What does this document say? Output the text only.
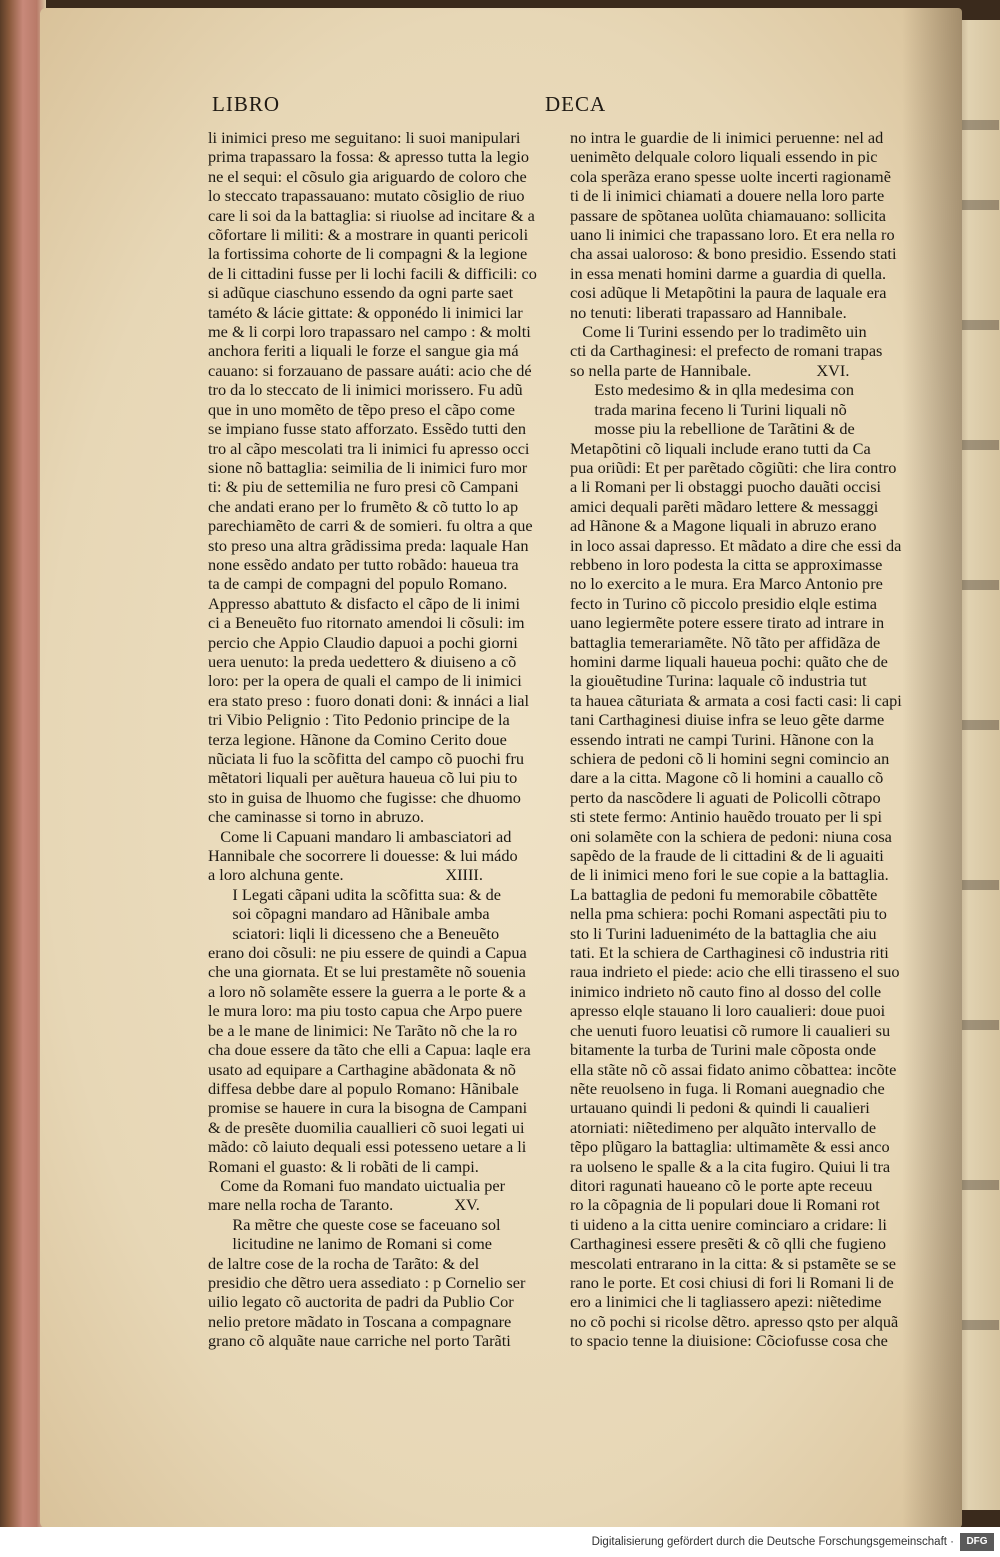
LIBRO	DECA
li inimici preso me seguitano: li suoi manipulari
prima trapassaro la fossa: & apresso tutta la legio
ne el sequi: el cõsulo gia ariguardo de coloro che
lo steccato trapassauano: mutato cõsiglio de riuo
care li soi da la battaglia: si riuolse ad incitare & a
cõfortare li militi: & a mostrare in quanti pericoli
la fortissima cohorte de li compagni & la legione
de li cittadini fusse per li lochi facili & difficili: co
si adũque ciaschuno essendo da ogni parte saet
taméto & lácie gittate: & opponédo li inimici lar
me & li corpi loro trapassaro nel campo : & molti
anchora feriti a liquali le forze el sangue gia má
cauano: si forzauano de passare auáti: acio che dé
tro da lo steccato de li inimici morissero. Fu adũ
que in uno momẽto de tẽpo preso el cãpo come
se impiano fusse stato afforzato. Essẽdo tutti den
tro al cãpo mescolati tra li inimici fu apresso occi
sione nõ battaglia: seimilia de li inimici furo mor
ti: & piu de settemilia ne furo presi cõ Campani
che andati erano per lo frumẽto & cõ tutto lo ap
parechiamẽto de carri & de somieri. fu oltra a que
sto preso una altra grãdissima preda: laquale Han
none essẽdo andato per tutto robãdo: haueua tra
ta de campi de compagni del populo Romano.
Appresso abattuto & disfacto el cãpo de li inimi
ci a Beneuẽto fuo ritornato amendoi li cõsuli: im
percio che Appio Claudio dapuoi a pochi giorni
uera uenuto: la preda uedettero & diuiseno a cõ
loro: per la opera de quali el campo de li inimici
era stato preso : fuoro donati doni: & innáci a lial
tri Vibio Pelignio : Tito Pedonio principe de la
terza legione. Hãnone da Comino Cerito doue
nũciata li fuo la scõfitta del campo cõ puochi fru
mẽtatori liquali per auẽtura haueua cõ lui piu to
sto in guisa de lhuomo che fugisse: che dhuomo
che caminasse si torno in abruzo.
Come li Capuani mandaro li ambasciatori ad
Hannibale che socorrere li douesse: & lui mádo
a loro alchuna gente.                         XIIII.
I Legati cãpani udita la scõfitta sua: & de
soi cõpagni mandaro ad Hãnibale amba
sciatori: liqli li dicesseno che a Beneuẽto
erano doi cõsuli: ne piu essere de quindi a Capua
che una giornata. Et se lui prestamẽte nõ souenia
a loro nõ solamẽte essere la guerra a le porte & a
le mura loro: ma piu tosto capua che Arpo puere
be a le mane de linimici: Ne Tarãto nõ che la ro
cha doue essere da tãto che elli a Capua: laqle era
usato ad equipare a Carthagine abãdonata & nõ
diffesa debbe dare al populo Romano: Hãnibale
promise se hauere in cura la bisogna de Campani
& de presẽte duomilia cauallieri cõ suoi legati ui
mãdo: cõ laiuto dequali essi potesseno uetare a li
Romani el guasto: & li robãti de li campi.
Come da Romani fuo mandato uictualia per
mare nella rocha de Taranto.               XV.
Ra mẽtre che queste cose se faceuano sol
licitudine ne lanimo de Romani si come
de laltre cose de la rocha de Tarãto: & del
presidio che dẽtro uera assediato : p Cornelio ser
uilio legato cõ auctorita de padri da Publio Cor
nelio pretore mãdato in Toscana a compagnare
grano cõ alquãte naue carriche nel porto Tarãti
no intra le guardie de li inimici peruenne: nel ad
uenimẽto delquale coloro liquali essendo in pic
cola sperãza erano spesse uolte incerti ragionamẽ
ti de li inimici chiamati a douere nella loro parte
passare de spõtanea uolũta chiamauano: sollicita
uano li inimici che trapassano loro. Et era nella ro
cha assai ualoroso: & bono presidio. Essendo stati
in essa menati homini darme a guardia di quella.
cosi adũque li Metapõtini la paura de laquale era
no tenuti: liberati trapassaro ad Hannibale.
Come li Turini essendo per lo tradimẽto uin
cti da Carthaginesi: el prefecto de romani trapas
so nella parte de Hannibale.                XVI.
Esto medesimo & in qlla medesima con
trada marina feceno li Turini liquali nõ
mosse piu la rebellione de Tarãtini & de
Metapõtini cõ liquali include erano tutti da Ca
pua oriũdi: Et per parẽtado cõgiũti: che lira contro
a li Romani per li obstaggi puocho dauãti occisi
amici dequali parẽti mãdaro lettere & messaggi
ad Hãnone & a Magone liquali in abruzo erano
in loco assai dapresso. Et mãdato a dire che essi da
rebbeno in loro podesta la citta se approximasse
no lo exercito a le mura. Era Marco Antonio pre
fecto in Turino cõ piccolo presidio elqle estima
uano legiermẽte potere essere tirato ad intrare in
battaglia temerariamẽte. Nõ tãto per affidãza de
homini darme liquali haueua pochi: quãto che de
la giouẽtudine Turina: laquale cõ industria tut
ta hauea cãturiata & armata a cosi facti casi: li capi
tani Carthaginesi diuise infra se leuo gẽte darme
essendo intrati ne campi Turini. Hãnone con la
schiera de pedoni cõ li homini segni comincio an
dare a la citta. Magone cõ li homini a cauallo cõ
perto da nascõdere li aguati de Policolli cõtrapo
sti stete fermo: Antinio hauẽdo trouato per li spi
oni solamẽte con la schiera de pedoni: niuna cosa
sapẽdo de la fraude de li cittadini & de li aguaiti
de li inimici meno fori le sue copie a la battaglia.
La battaglia de pedoni fu memorabile cõbattẽte
nella pma schiera: pochi Romani aspectãti piu to
sto li Turini ladueniméto de la battaglia che aiu
tati. Et la schiera de Carthaginesi cõ industria riti
raua indrieto el piede: acio che elli tirasseno el suo
inimico indrieto nõ cauto fino al dosso del colle
apresso elqle stauano li loro caualieri: doue puoi
che uenuti fuoro leuatisi cõ rumore li caualieri su
bitamente la turba de Turini male cõposta onde
ella stãte nõ cõ assai fidato animo cõbattea: incõte
nẽte reuolseno in fuga. li Romani auegnadio che
urtauano quindi li pedoni & quindi li caualieri
atorniati: niẽtedimeno per alquãto intervallo de
tẽpo plũgaro la battaglia: ultimamẽte & essi anco
ra uolseno le spalle & a la cita fugiro. Quiui li tra
ditori ragunati haueano cõ le porte apte receuu
ro la cõpagnia de li populari doue li Romani rot
ti uideno a la citta uenire cominciaro a cridare: li
Carthaginesi essere presẽti & cõ qlli che fugieno
mescolati entrarano in la citta: & si pstamẽte se se
rano le porte. Et cosi chiusi di fori li Romani li de
ero a linimici che li tagliassero apezi: niẽtedime
no cõ pochi si ricolse dẽtro. apresso qsto per alquã
to spacio tenne la diuisione: Cõciofusse cosa che
Digitalisierung gefördert durch die Deutsche Forschungsgemeinschaft ·	DFG
